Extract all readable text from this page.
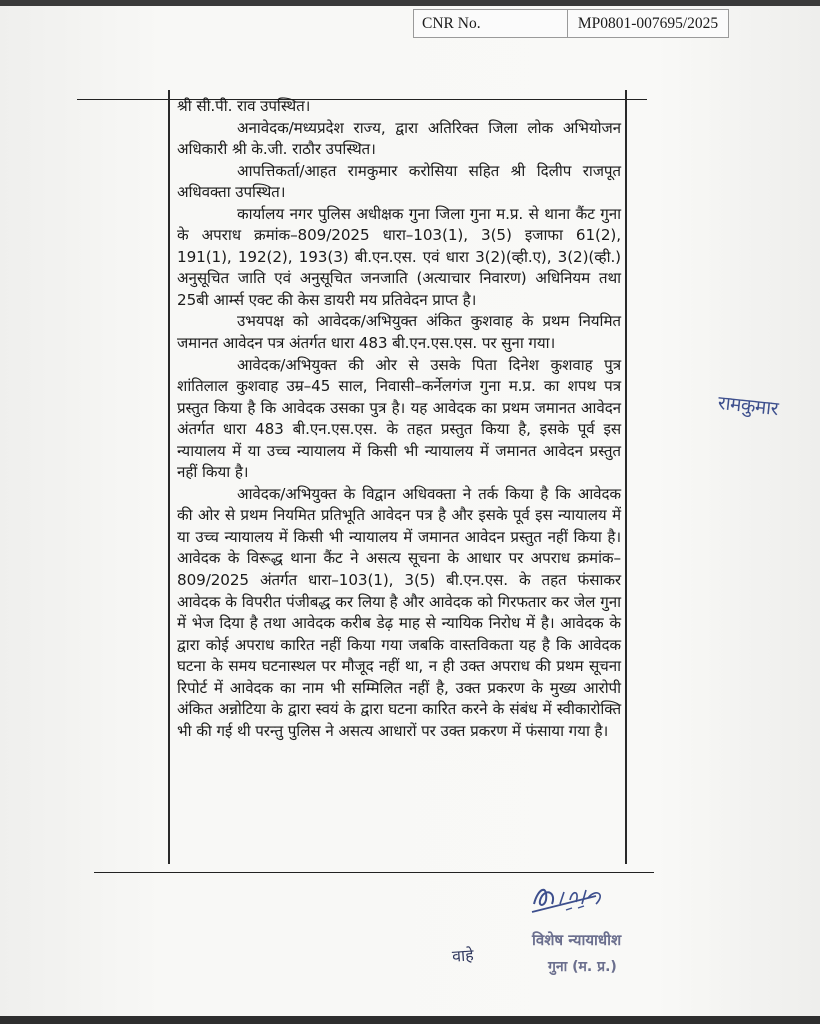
CNR No.	MP0801-007695/2025

श्री सी.पी. राव उपस्थित।

अनावेदक/मध्यप्रदेश राज्य, द्वारा अतिरिक्त जिला लोक अभियोजन अधिकारी श्री के.जी. राठौर उपस्थित।

आपत्तिकर्ता/आहत रामकुमार करोसिया सहित श्री दिलीप राजपूत अधिवक्ता उपस्थित।

कार्यालय नगर पुलिस अधीक्षक गुना जिला गुना म.प्र. से थाना कैंट गुना के अपराध क्रमांक–809/2025 धारा–103(1), 3(5) इजाफा 61(2), 191(1), 192(2), 193(3) बी.एन.एस. एवं धारा 3(2)(व्ही.ए), 3(2)(व्ही.) अनुसूचित जाति एवं अनुसूचित जनजाति (अत्याचार निवारण) अधिनियम तथा 25बी आर्म्स एक्ट की केस डायरी मय प्रतिवेदन प्राप्त है।

उभयपक्ष को आवेदक/अभियुक्त अंकित कुशवाह के प्रथम नियमित जमानत आवेदन पत्र अंतर्गत धारा 483 बी.एन.एस.एस. पर सुना गया।

आवेदक/अभियुक्त की ओर से उसके पिता दिनेश कुशवाह पुत्र शांतिलाल कुशवाह उम्र–45 साल, निवासी–कर्नेलगंज गुना म.प्र. का शपथ पत्र प्रस्तुत किया है कि आवेदक उसका पुत्र है। यह आवेदक का प्रथम जमानत आवेदन अंतर्गत धारा 483 बी.एन.एस.एस. के तहत प्रस्तुत किया है, इसके पूर्व इस न्यायालय में या उच्च न्यायालय में किसी भी न्यायालय में जमानत आवेदन प्रस्तुत नहीं किया है।

आवेदक/अभियुक्त के विद्वान अधिवक्ता ने तर्क किया है कि आवेदक की ओर से प्रथम नियमित प्रतिभूति आवेदन पत्र है और इसके पूर्व इस न्यायालय में या उच्च न्यायालय में किसी भी न्यायालय में जमानत आवेदन प्रस्तुत नहीं किया है। आवेदक के विरूद्ध थाना कैंट ने असत्य सूचना के आधार पर अपराध क्रमांक–809/2025 अंतर्गत धारा–103(1), 3(5) बी.एन.एस. के तहत फंसाकर आवेदक के विपरीत पंजीबद्ध कर लिया है और आवेदक को गिरफतार कर जेल गुना में भेज दिया है तथा आवेदक करीब डेढ़ माह से न्यायिक निरोध में है। आवेदक के द्वारा कोई अपराध कारित नहीं किया गया जबकि वास्तविकता यह है कि आवेदक घटना के समय घटनास्थल पर मौजूद नहीं था, न ही उक्त अपराध की प्रथम सूचना रिपोर्ट में आवेदक का नाम भी सम्मिलित नहीं है, उक्त प्रकरण के मुख्य आरोपी अंकित अन्नोटिया के द्वारा स्वयं के द्वारा घटना कारित करने के संबंध में स्वीकारोक्ति भी की गई थी परन्तु पुलिस ने असत्य आधारों पर उक्त प्रकरण में फंसाया गया है।

रामकुमार
वाहे
विशेष न्यायाधीश
गुना (म. प्र.)
